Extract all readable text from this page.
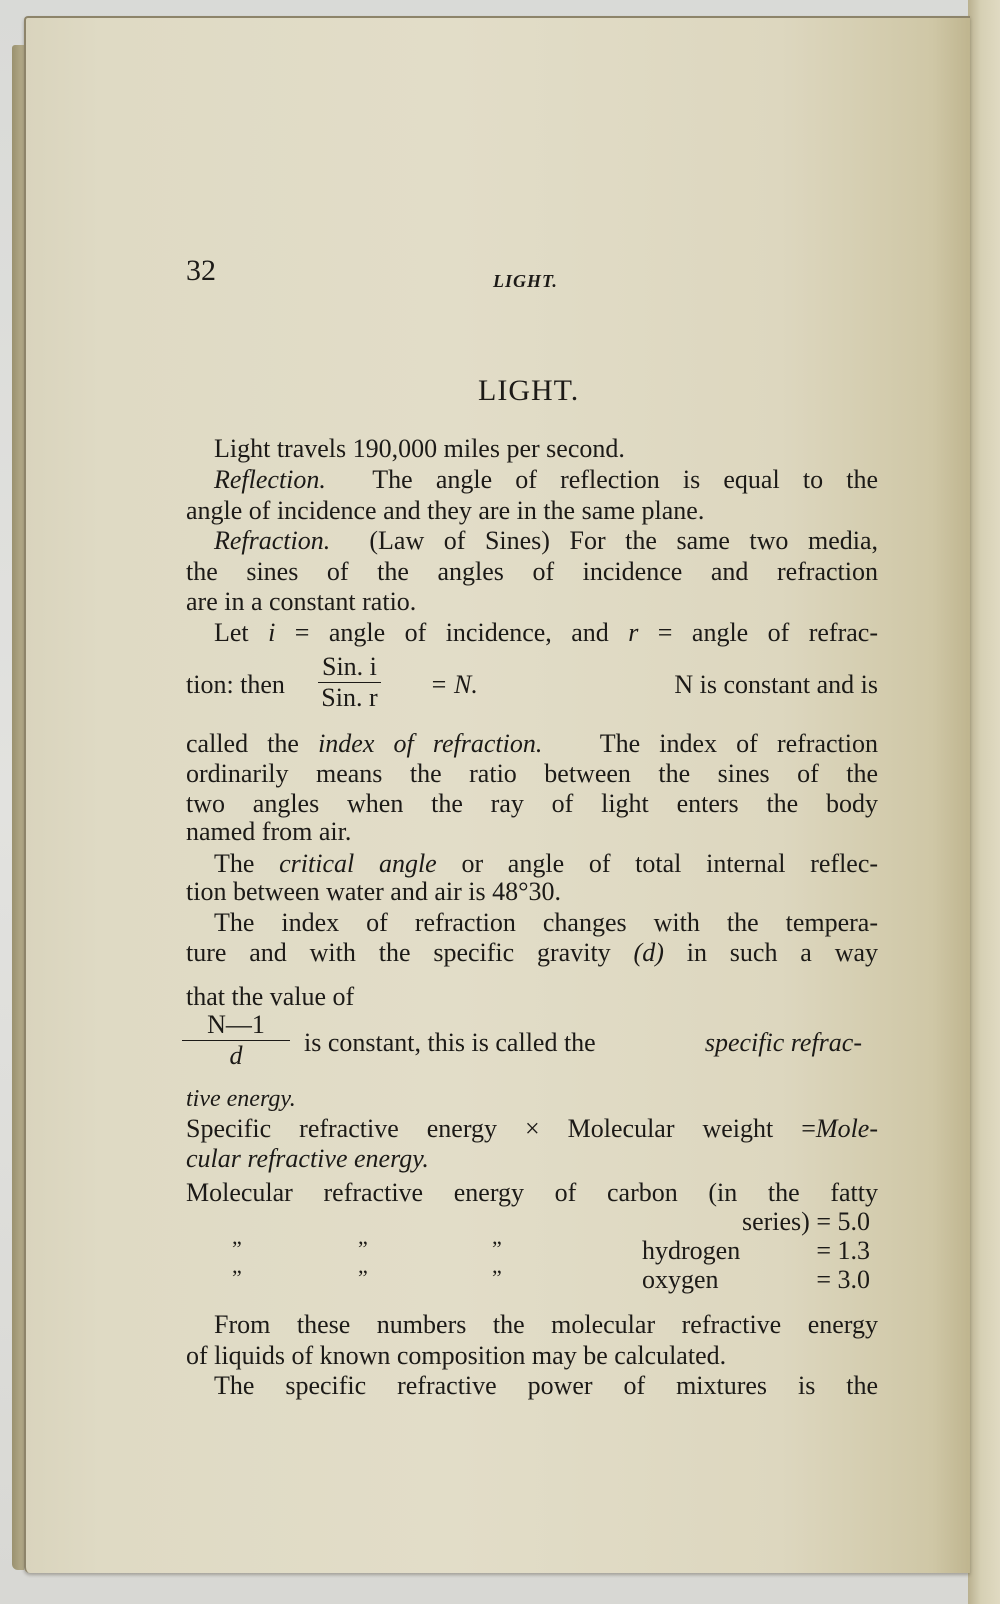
32	LIGHT.
LIGHT.
Light travels 190,000 miles per second.
Reflection. The angle of reflection is equal to the
angle of incidence and they are in the same plane.
Refraction. (Law of Sines) For the same two media,
the sines of the angles of incidence and refraction
are in a constant ratio.
Let i = angle of incidence, and r = angle of refrac-
tion: then
Sin. i
Sin. r = N.	N is constant and is
called the index of refraction. The index of refraction
ordinarily means the ratio between the sines of the
two angles when the ray of light enters the body
named from air.
The critical angle or angle of total internal reflec-
tion between water and air is 48°30.
The index of refraction changes with the tempera-
ture and with the specific gravity (d) in such a way
that the value of
$\frac{N—1}{d}$ is constant, this is called the	specific refrac-
tive energy.
Specific refractive energy × Molecular weight =Mole-
cular refractive energy.
Molecular refractive energy of carbon (in the fatty
series) = 5.0
”	”	”	hydrogen	= 1.3
”	”	”	oxygen	= 3.0
From these numbers the molecular refractive energy
of liquids of known composition may be calculated.
The specific refractive power of mixtures is the
